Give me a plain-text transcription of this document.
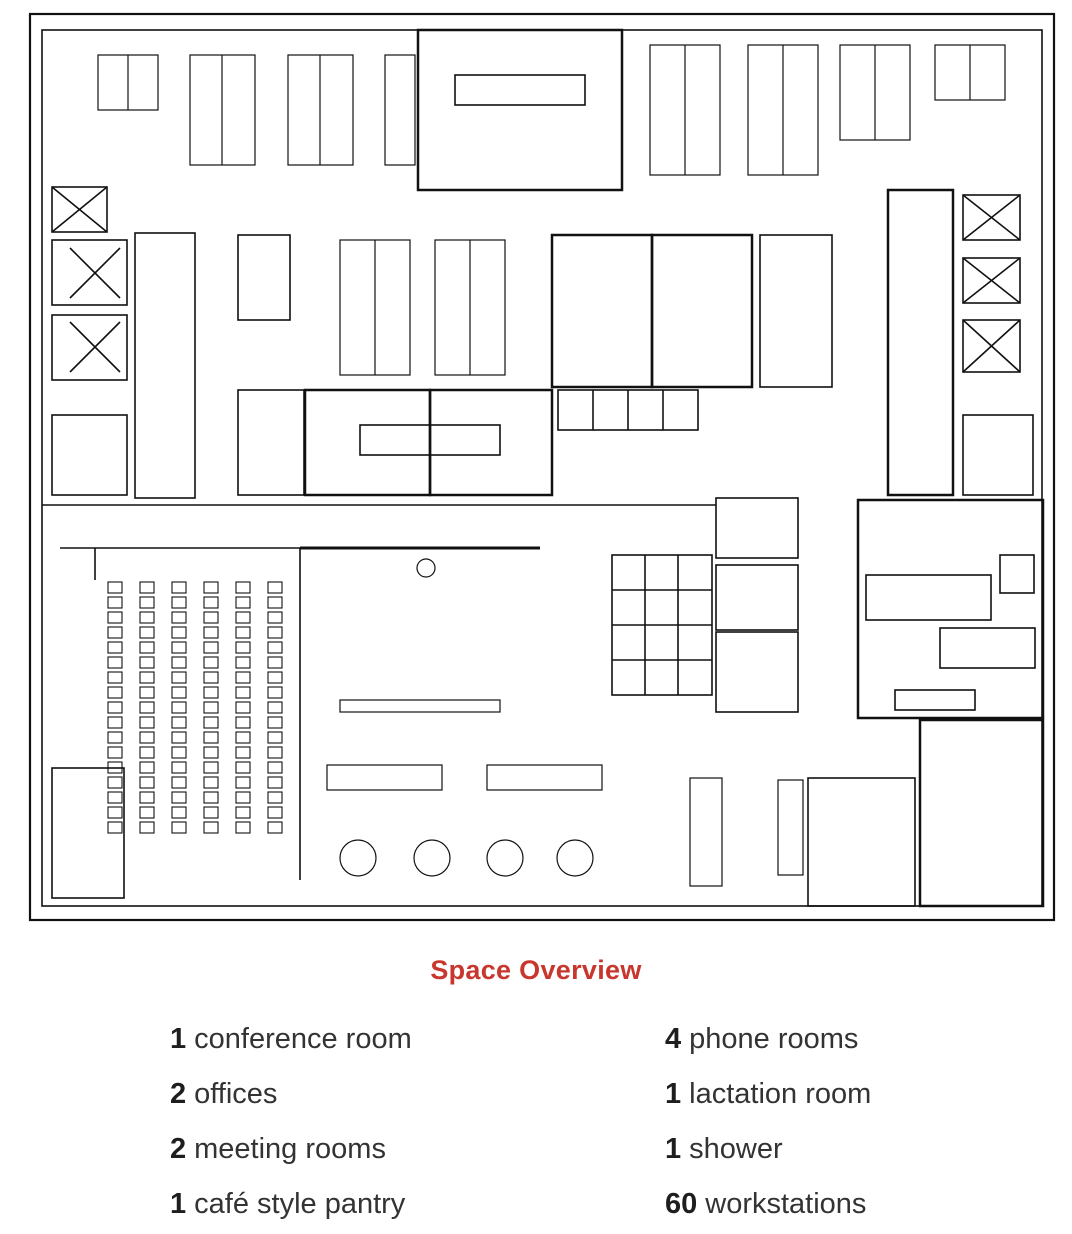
Space Overview
1 conference room
2 offices
2 meeting rooms
1 café style pantry
4 phone rooms
1 lactation room
1 shower
60 workstations
